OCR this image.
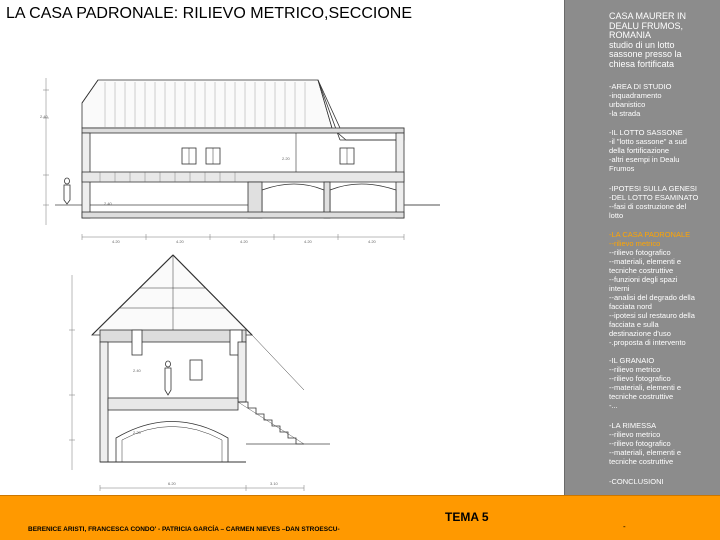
LA CASA PADRONALE: RILIEVO METRICO,SECCIONE
4.20	4.20	4.20	4.20	4.20
6.20	3.10
2.40
2.40
2.20
2.40
2.20
CASA MAURER IN
DEALU FRUMOS,
ROMANIA
studio di un lotto
sassone presso la
chiesa fortificata
-AREA DI STUDIO
-inquadramento
urbanistico
-la strada
-IL LOTTO SASSONE
-il "lotto sassone" a sud
della fortificazione
-altri esempi in Dealu
Frumos
-IPOTESI SULLA GENESI
-DEL LOTTO ESAMINATO
--fasi di costruzione del
lotto
-LA CASA PADRONALE
--rilievo metrico
--rilievo fotografico
--materiali, elementi e
tecniche costruttive
--funzioni degli spazi
interni
--analisi del degrado della
facciata nord
--ipotesi sul restauro della
facciata e sulla
destinazione d'uso
-.proposta di intervento
-IL GRANAIO
--rilievo metrico
--rilievo fotografico
--materiali, elementi e
tecniche costruttive
-...
-LA RIMESSA
--rilievo metrico
--rilievo fotografico
--materiali, elementi e
tecniche costruttive
-CONCLUSIONI
TEMA 5
BERENICE ARISTI, FRANCESCA CONDO' - PATRICIA GARCÍA – CARMEN NIEVES –DAN STROESCU-	-
